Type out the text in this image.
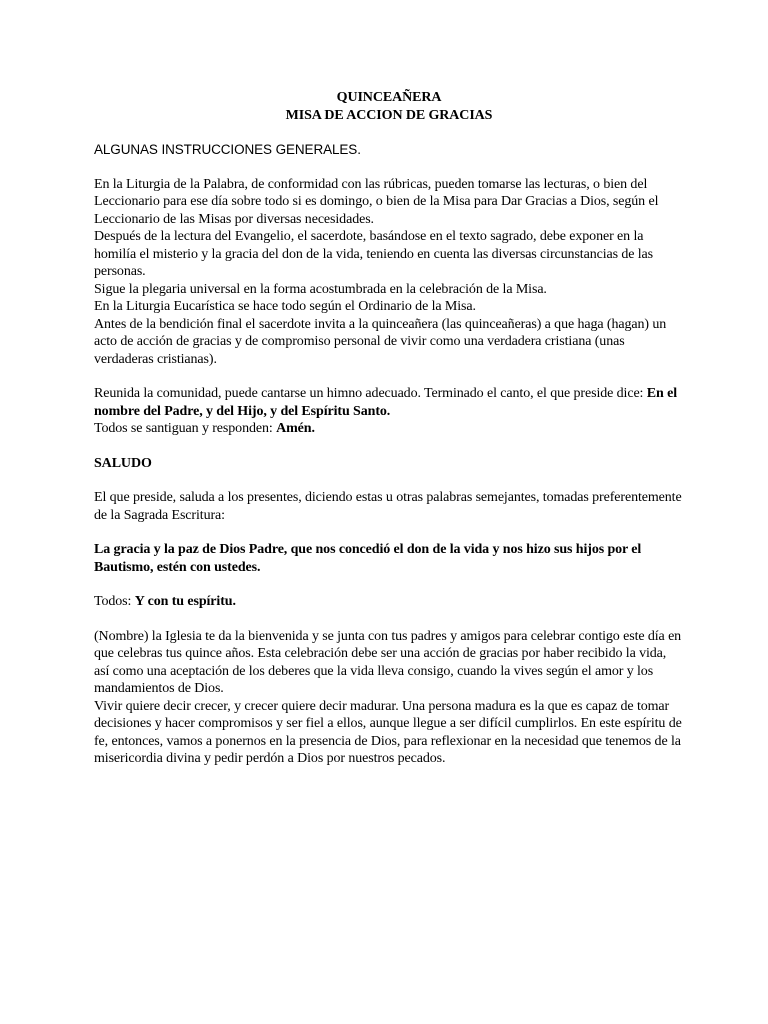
QUINCEAÑERA
MISA DE ACCION DE GRACIAS

ALGUNAS INSTRUCCIONES GENERALES.

En la Liturgia de la Palabra, de conformidad con las rúbricas, pueden tomarse las lecturas, o bien del Leccionario para ese día sobre todo si es domingo, o bien de la Misa para Dar Gracias a Dios, según el Leccionario de las Misas por diversas necesidades.

Después de la lectura del Evangelio, el sacerdote, basándose en el texto sagrado, debe exponer en la homilía el misterio y la gracia del don de la vida, teniendo en cuenta las diversas circunstancias de las personas.

Sigue la plegaria universal en la forma acostumbrada en la celebración de la Misa.

En la Liturgia Eucarística se hace todo según el Ordinario de la Misa.

Antes de la bendición final el sacerdote invita a la quinceañera (las quinceañeras) a que haga (hagan) un acto de acción de gracias y de compromiso personal de vivir como una verdadera cristiana (unas verdaderas cristianas).

Reunida la comunidad, puede cantarse un himno adecuado. Terminado el canto, el que preside dice: En el nombre del Padre, y del Hijo, y del Espíritu Santo.
Todos se santiguan y responden: Amén.

SALUDO

El que preside, saluda a los presentes, diciendo estas u otras palabras semejantes, tomadas preferentemente de la Sagrada Escritura:

La gracia y la paz de Dios Padre, que nos concedió el don de la vida y nos hizo sus hijos por el Bautismo, estén con ustedes.

Todos: Y con tu espíritu.

(Nombre) la Iglesia te da la bienvenida y se junta con tus padres y amigos para celebrar contigo este día en que celebras tus quince años. Esta celebración debe ser una acción de gracias por haber recibido la vida, así como una aceptación de los deberes que la vida lleva consigo, cuando la vives según el amor y los mandamientos de Dios.

Vivir quiere decir crecer, y crecer quiere decir madurar. Una persona madura es la que es capaz de tomar decisiones y hacer compromisos y ser fiel a ellos, aunque llegue a ser difícil cumplirlos. En este espíritu de fe, entonces, vamos a ponernos en la presencia de Dios, para reflexionar en la necesidad que tenemos de la misericordia divina y pedir perdón a Dios por nuestros pecados.
